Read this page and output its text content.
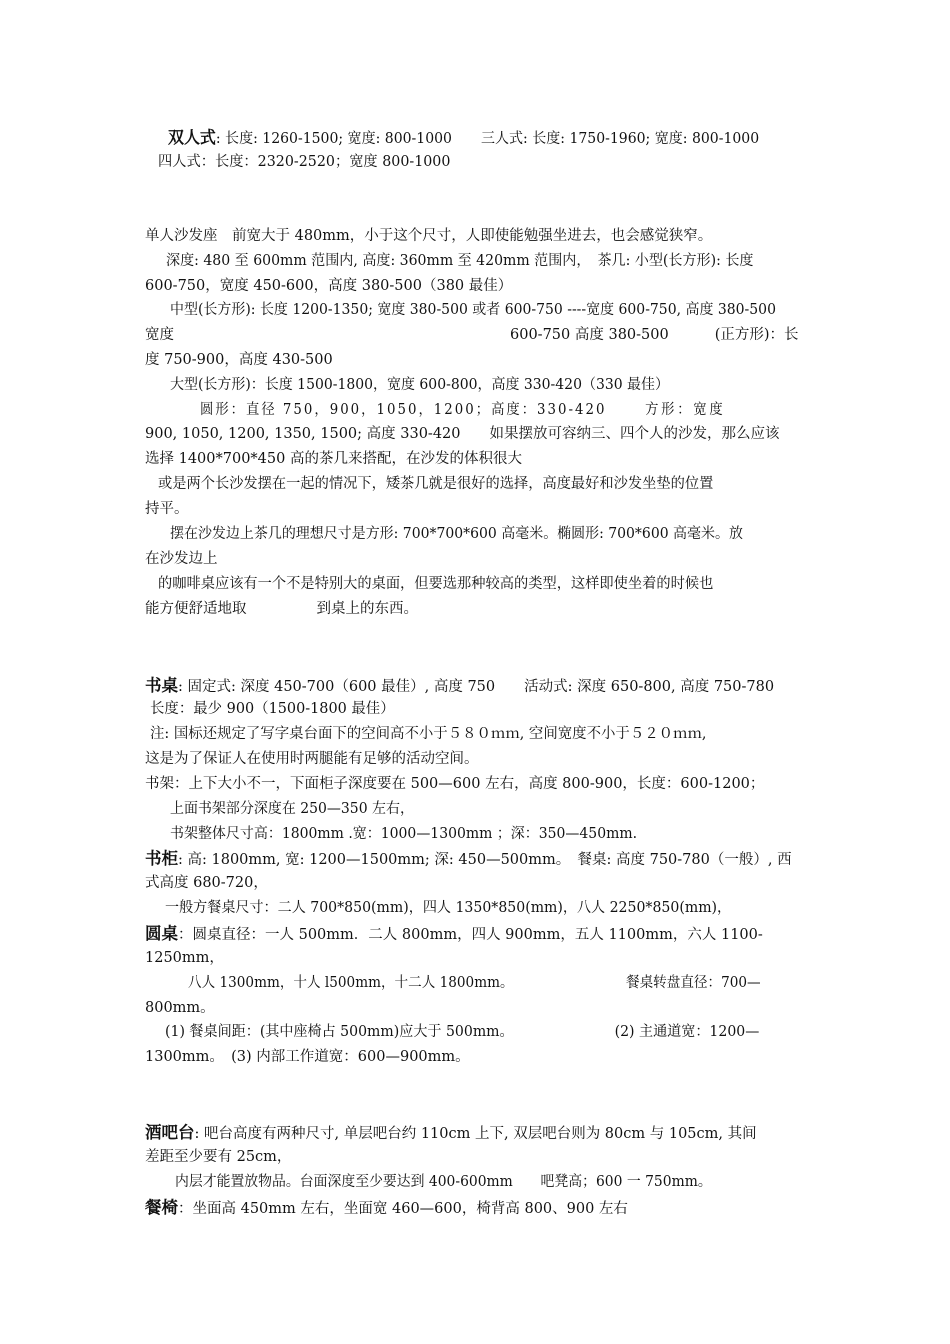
双人式: 长度: 1260-1500; 宽度: 800-1000 三人式: 长度: 1750-1960; 宽度: 800-1000
四人式：长度：2320-2520；宽度 800-1000
单人沙发座　前宽大于 480mm，小于这个尺寸，人即使能勉强坐进去，也会感觉狭窄。
深度: 480 至 600mm 范围内, 高度: 360mm 至 420mm 范围内，　茶几: 小型(长方形): 长度
600-750，宽度 450-600，高度 380-500（380 最佳）
中型(长方形): 长度 1200-1350; 宽度 380-500 或者 600-750 ----宽度 600-750, 高度 380-500
宽度	600-750 高度 380-500	(正方形)：长
度 750-900，高度 430-500
大型(长方形)：长度 1500-1800，宽度 600-800，高度 330-420（330 最佳）
圆形：直径 750，900，1050，1200；高度：330-420	方形：宽度
900, 1050, 1200, 1350, 1500; 高度 330-420　　如果摆放可容纳三、四个人的沙发，那么应该
选择 1400*700*450 高的茶几来搭配，在沙发的体积很大
或是两个长沙发摆在一起的情况下，矮茶几就是很好的选择，高度最好和沙发坐垫的位置
持平。
摆在沙发边上茶几的理想尺寸是方形: 700*700*600 高毫米。椭圆形: 700*600 高毫米。放
在沙发边上
的咖啡桌应该有一个不是特别大的桌面，但要选那种较高的类型，这样即使坐着的时候也
能方便舒适地取	到桌上的东西。
书桌: 固定式: 深度 450-700（600 最佳）, 高度 750　　活动式: 深度 650-800, 高度 750-780
长度：最少 900（1500-1800 最佳）
注: 国标还规定了写字桌台面下的空间高不小于５８０ｍｍ, 空间宽度不小于５２０ｍｍ,
这是为了保证人在使用时两腿能有足够的活动空间。
书架：上下大小不一，下面柜子深度要在 500—600 左右，高度 800-900，长度：600-1200；
上面书架部分深度在 250—350 左右，
书架整体尺寸高：1800mm .宽：1000—1300mm ；深：350—450mm.
书柜: 高: 1800mm, 宽: 1200—1500mm; 深: 450—500mm。　餐桌: 高度 750-780（一般）, 西
式高度 680-720，
一般方餐桌尺寸：二人 700*850(mm)，四人 1350*850(mm)，八人 2250*850(mm)，
圆桌：圆桌直径：一人 500mm．二人 800mm，四人 900mm，五人 1100mm，六人 1100-
1250mm，
八人 1300mm，十人 l500mm，十二人 1800mm。	餐桌转盘直径：700—
800mm。
(1) 餐桌间距：(其中座椅占 500mm)应大于 500mm。	(2) 主通道宽：1200—
1300mm。　(3) 内部工作道宽：600—900mm。
酒吧台: 吧台高度有两种尺寸, 单层吧台约 110cm 上下, 双层吧台则为 80cm 与 105cm, 其间
差距至少要有 25cm，
内层才能置放物品。台面深度至少要达到 400-600mm　　吧凳高；600 一 750mm。
餐椅：坐面高 450mm 左右，坐面宽 460—600，椅背高 800、900 左右
